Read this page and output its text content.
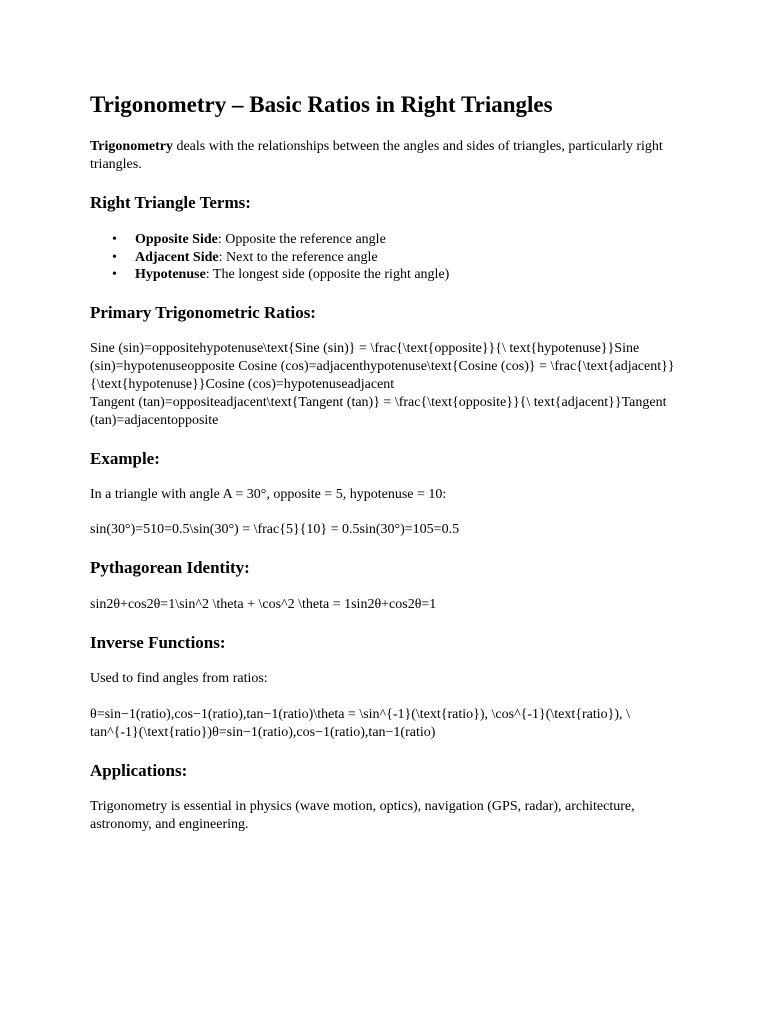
Trigonometry – Basic Ratios in Right Triangles

Trigonometry deals with the relationships between the angles and sides of triangles, particularly right triangles.

Right Triangle Terms:
• Opposite Side: Opposite the reference angle
• Adjacent Side: Next to the reference angle
• Hypotenuse: The longest side (opposite the right angle)
Primary Trigonometric Ratios:

Sine (sin)=oppositehypotenuse\text{Sine (sin)} = \frac{\text{opposite}}{\ text{hypotenuse}}Sine (sin)=hypotenuseopposite Cosine (cos)=adjacenthypotenuse\text{Cosine (cos)} = \frac{\text{adjacent}}{\text{hypotenuse}}Cosine (cos)=hypotenuseadjacent

Tangent (tan)=oppositeadjacent\text{Tangent (tan)} = \frac{\text{opposite}}{\ text{adjacent}}Tangent (tan)=adjacentopposite

Example:

In a triangle with angle A = 30°, opposite = 5, hypotenuse = 10:

sin(30°)=510=0.5\sin(30°) = \frac{5}{10} = 0.5sin(30°)=105=0.5

Pythagorean Identity:

sin2θ+cos2θ=1\sin^2 \theta + \cos^2 \theta = 1sin2θ+cos2θ=1

Inverse Functions:

Used to find angles from ratios:

θ=sin−1(ratio),cos−1(ratio),tan−1(ratio)\theta = \sin^{-1}(\text{ratio}), \cos^{-1}(\text{ratio}), \ tan^{-1}(\text{ratio})θ=sin−1(ratio),cos−1(ratio),tan−1(ratio)

Applications:

Trigonometry is essential in physics (wave motion, optics), navigation (GPS, radar), architecture, astronomy, and engineering.
